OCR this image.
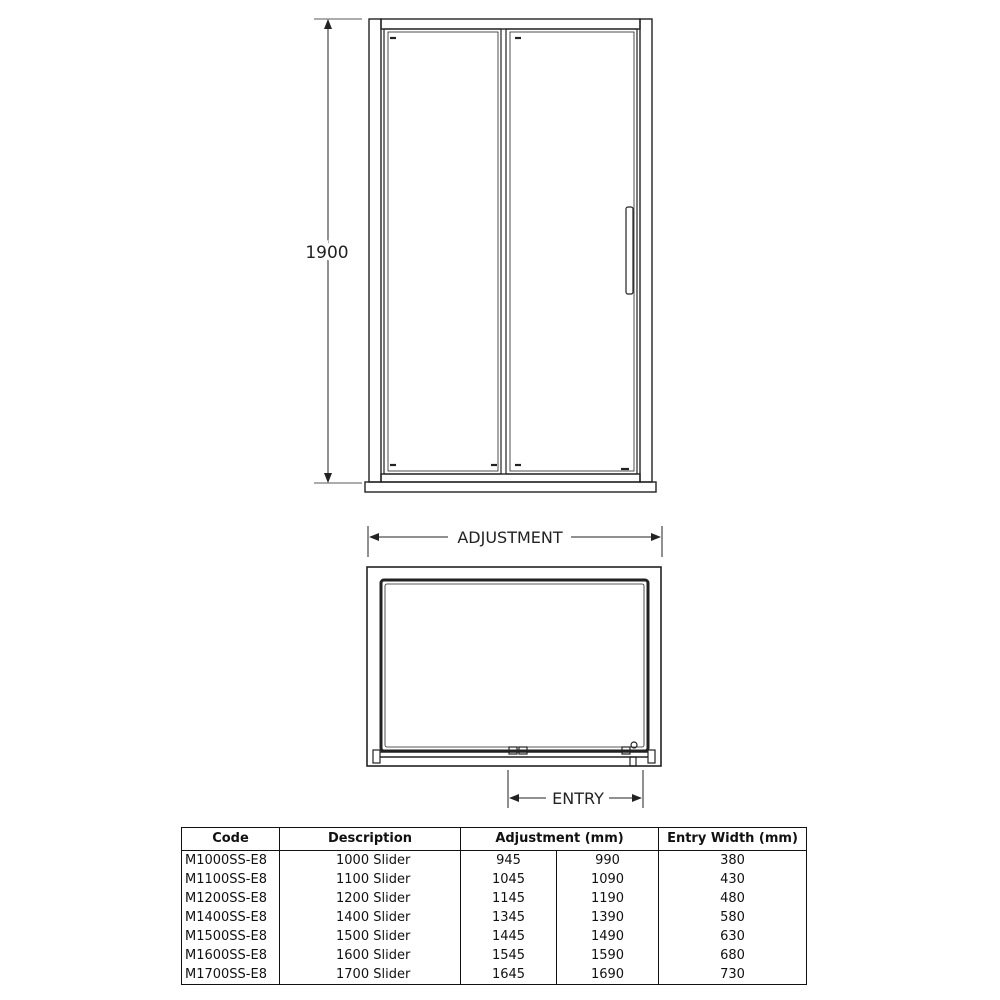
1900
ADJUSTMENT
ENTRY
Code	Description	Adjustment (mm)		Entry Width (mm)
M1000SS-E8	1000 Slider	945	990	380
M1100SS-E8	1100 Slider	1045	1090	430
M1200SS-E8	1200 Slider	1145	1190	480
M1400SS-E8	1400 Slider	1345	1390	580
M1500SS-E8	1500 Slider	1445	1490	630
M1600SS-E8	1600 Slider	1545	1590	680
M1700SS-E8	1700 Slider	1645	1690	730
